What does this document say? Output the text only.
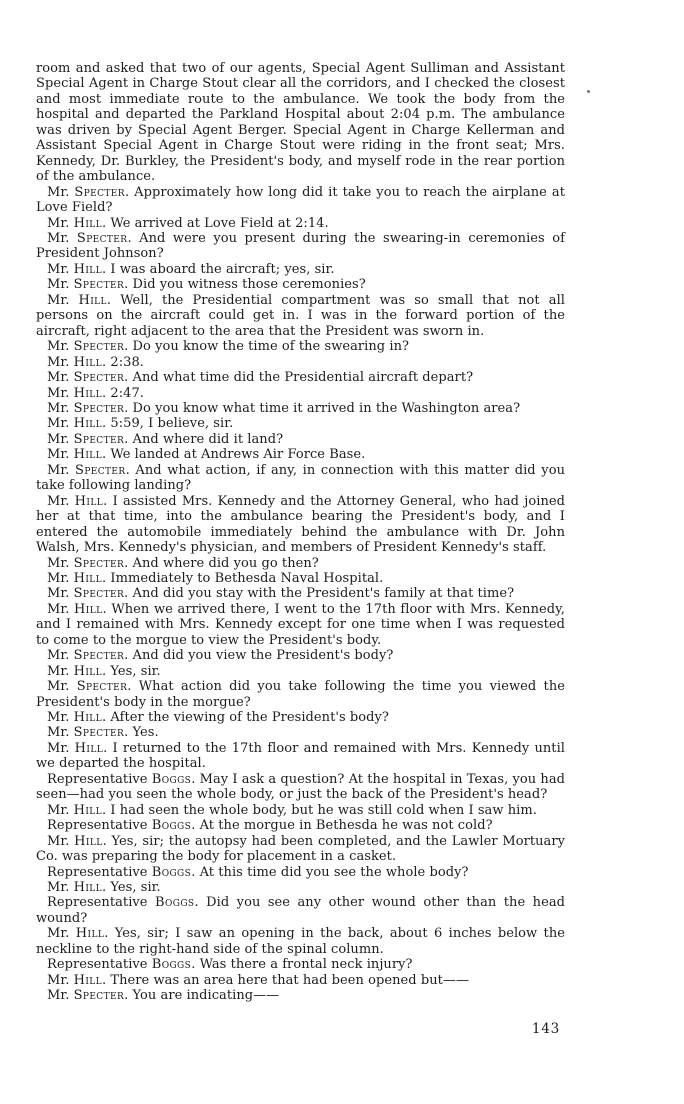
room and asked that two of our agents, Special Agent Sulliman and Assistant Special Agent in Charge Stout clear all the corridors, and I checked the closest and most immediate route to the ambulance. We took the body from the hospital and departed the Parkland Hospital about 2:04 p.m. The ambulance was driven by Special Agent Berger. Special Agent in Charge Kellerman and Assistant Special Agent in Charge Stout were riding in the front seat; Mrs. Kennedy, Dr. Burkley, the President's body, and myself rode in the rear portion of the ambulance.

Mr. Specter. Approximately how long did it take you to reach the airplane at Love Field?

Mr. Hill. We arrived at Love Field at 2:14.

Mr. Specter. And were you present during the swearing-in ceremonies of President Johnson?

Mr. Hill. I was aboard the aircraft; yes, sir.

Mr. Specter. Did you witness those ceremonies?

Mr. Hill. Well, the Presidential compartment was so small that not all persons on the aircraft could get in. I was in the forward portion of the aircraft, right adjacent to the area that the President was sworn in.

Mr. Specter. Do you know the time of the swearing in?

Mr. Hill. 2:38.

Mr. Specter. And what time did the Presidential aircraft depart?

Mr. Hill. 2:47.

Mr. Specter. Do you know what time it arrived in the Washington area?

Mr. Hill. 5:59, I believe, sir.

Mr. Specter. And where did it land?

Mr. Hill. We landed at Andrews Air Force Base.

Mr. Specter. And what action, if any, in connection with this matter did you take following landing?

Mr. Hill. I assisted Mrs. Kennedy and the Attorney General, who had joined her at that time, into the ambulance bearing the President's body, and I entered the automobile immediately behind the ambulance with Dr. John Walsh, Mrs. Kennedy's physician, and members of President Kennedy's staff.

Mr. Specter. And where did you go then?

Mr. Hill. Immediately to Bethesda Naval Hospital.

Mr. Specter. And did you stay with the President's family at that time?

Mr. Hill. When we arrived there, I went to the 17th floor with Mrs. Kennedy, and I remained with Mrs. Kennedy except for one time when I was requested to come to the morgue to view the President's body.

Mr. Specter. And did you view the President's body?

Mr. Hill. Yes, sir.

Mr. Specter. What action did you take following the time you viewed the President's body in the morgue?

Mr. Hill. After the viewing of the President's body?

Mr. Specter. Yes.

Mr. Hill. I returned to the 17th floor and remained with Mrs. Kennedy until we departed the hospital.

Representative Boggs. May I ask a question? At the hospital in Texas, you had seen—had you seen the whole body, or just the back of the President's head?

Mr. Hill. I had seen the whole body, but he was still cold when I saw him.

Representative Boggs. At the morgue in Bethesda he was not cold?

Mr. Hill. Yes, sir; the autopsy had been completed, and the Lawler Mortuary Co. was preparing the body for placement in a casket.

Representative Boggs. At this time did you see the whole body?

Mr. Hill. Yes, sir.

Representative Boggs. Did you see any other wound other than the head wound?

Mr. Hill. Yes, sir; I saw an opening in the back, about 6 inches below the neckline to the right-hand side of the spinal column.

Representative Boggs. Was there a frontal neck injury?

Mr. Hill. There was an area here that had been opened but——

Mr. Specter. You are indicating——

143
